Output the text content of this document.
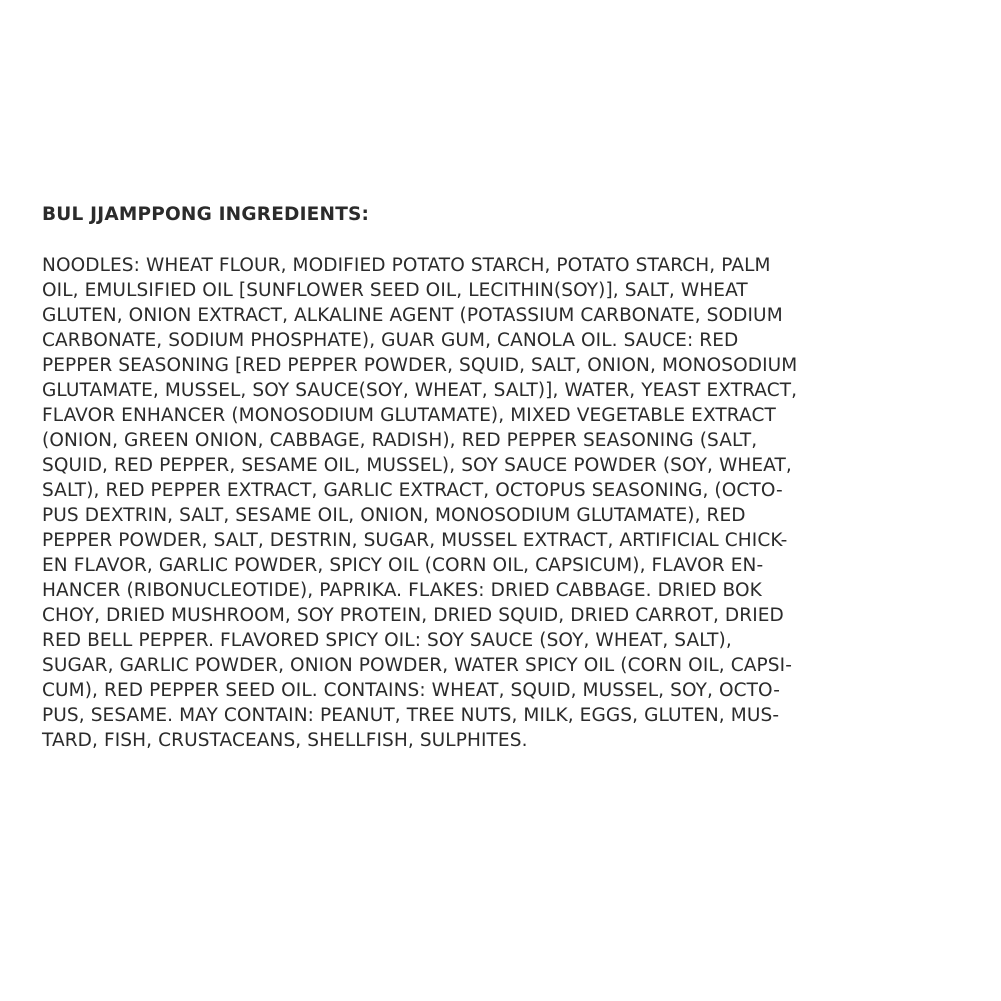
BUL JJAMPPONG INGREDIENTS:
NOODLES: WHEAT FLOUR, MODIFIED POTATO STARCH, POTATO STARCH, PALM
OIL, EMULSIFIED OIL [SUNFLOWER SEED OIL, LECITHIN(SOY)], SALT, WHEAT
GLUTEN, ONION EXTRACT, ALKALINE AGENT (POTASSIUM CARBONATE, SODIUM
CARBONATE, SODIUM PHOSPHATE), GUAR GUM, CANOLA OIL. SAUCE: RED
PEPPER SEASONING [RED PEPPER POWDER, SQUID, SALT, ONION, MONOSODIUM
GLUTAMATE, MUSSEL, SOY SAUCE(SOY, WHEAT, SALT)], WATER, YEAST EXTRACT,
FLAVOR ENHANCER (MONOSODIUM GLUTAMATE), MIXED VEGETABLE EXTRACT
(ONION, GREEN ONION, CABBAGE, RADISH), RED PEPPER SEASONING (SALT,
SQUID, RED PEPPER, SESAME OIL, MUSSEL), SOY SAUCE POWDER (SOY, WHEAT,
SALT), RED PEPPER EXTRACT, GARLIC EXTRACT, OCTOPUS SEASONING, (OCTO-
PUS DEXTRIN, SALT, SESAME OIL, ONION, MONOSODIUM GLUTAMATE), RED
PEPPER POWDER, SALT, DESTRIN, SUGAR, MUSSEL EXTRACT, ARTIFICIAL CHICK-
EN FLAVOR, GARLIC POWDER, SPICY OIL (CORN OIL, CAPSICUM), FLAVOR EN-
HANCER (RIBONUCLEOTIDE), PAPRIKA. FLAKES: DRIED CABBAGE. DRIED BOK
CHOY, DRIED MUSHROOM, SOY PROTEIN, DRIED SQUID, DRIED CARROT, DRIED
RED BELL PEPPER. FLAVORED SPICY OIL: SOY SAUCE (SOY, WHEAT, SALT),
SUGAR, GARLIC POWDER, ONION POWDER, WATER SPICY OIL (CORN OIL, CAPSI-
CUM), RED PEPPER SEED OIL. CONTAINS: WHEAT, SQUID, MUSSEL, SOY, OCTO-
PUS, SESAME. MAY CONTAIN: PEANUT, TREE NUTS, MILK, EGGS, GLUTEN, MUS-
TARD, FISH, CRUSTACEANS, SHELLFISH, SULPHITES.
